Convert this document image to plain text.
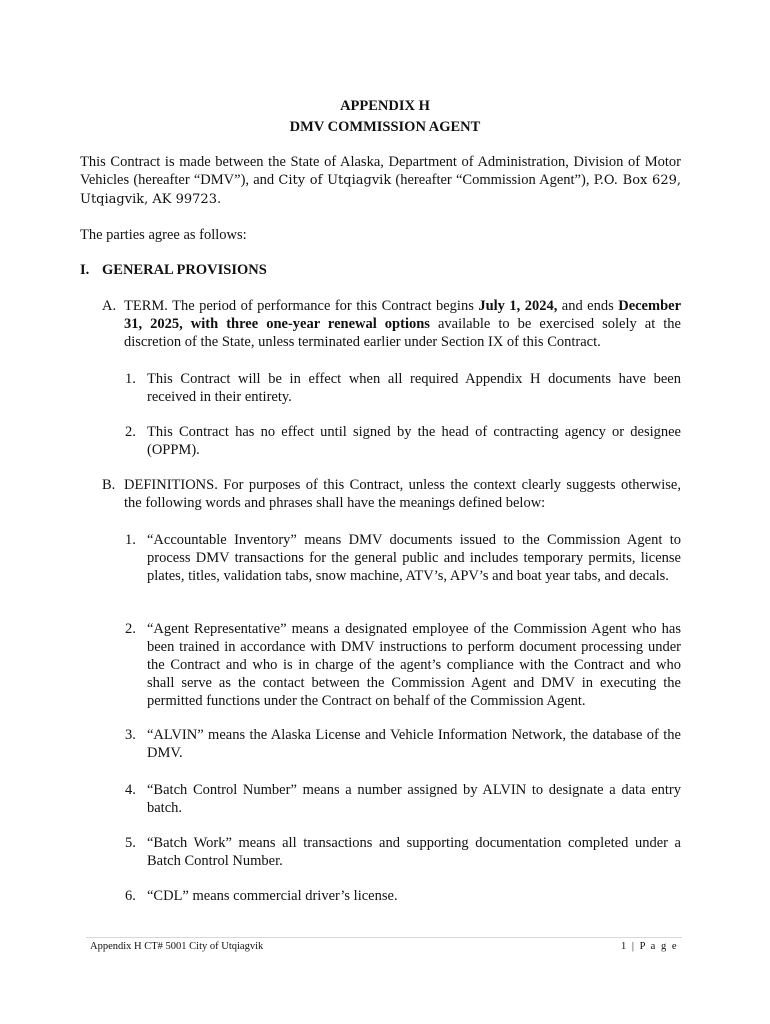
APPENDIX H
DMV COMMISSION AGENT
This Contract is made between the State of Alaska, Department of Administration, Division of Motor Vehicles (hereafter “DMV”), and City of Utqiagvik (hereafter “Commission Agent”), P.O. Box 629, Utqiagvik, AK 99723.
The parties agree as follows:
I. GENERAL PROVISIONS
A. TERM. The period of performance for this Contract begins July 1, 2024, and ends December 31, 2025, with three one-year renewal options available to be exercised solely at the discretion of the State, unless terminated earlier under Section IX of this Contract.
1. This Contract will be in effect when all required Appendix H documents have been received in their entirety.
2. This Contract has no effect until signed by the head of contracting agency or designee (OPPM).
B. DEFINITIONS. For purposes of this Contract, unless the context clearly suggests otherwise, the following words and phrases shall have the meanings defined below:
1. “Accountable Inventory” means DMV documents issued to the Commission Agent to process DMV transactions for the general public and includes temporary permits, license plates, titles, validation tabs, snow machine, ATV’s, APV’s and boat year tabs, and decals.
2. “Agent Representative” means a designated employee of the Commission Agent who has been trained in accordance with DMV instructions to perform document processing under the Contract and who is in charge of the agent’s compliance with the Contract and who shall serve as the contact between the Commission Agent and DMV in executing the permitted functions under the Contract on behalf of the Commission Agent.
3. “ALVIN” means the Alaska License and Vehicle Information Network, the database of the DMV.
4. “Batch Control Number” means a number assigned by ALVIN to designate a data entry batch.
5. “Batch Work” means all transactions and supporting documentation completed under a Batch Control Number.
6. “CDL” means commercial driver’s license.
Appendix H CT# 5001 City of Utqiagvik	1 | P a g e
